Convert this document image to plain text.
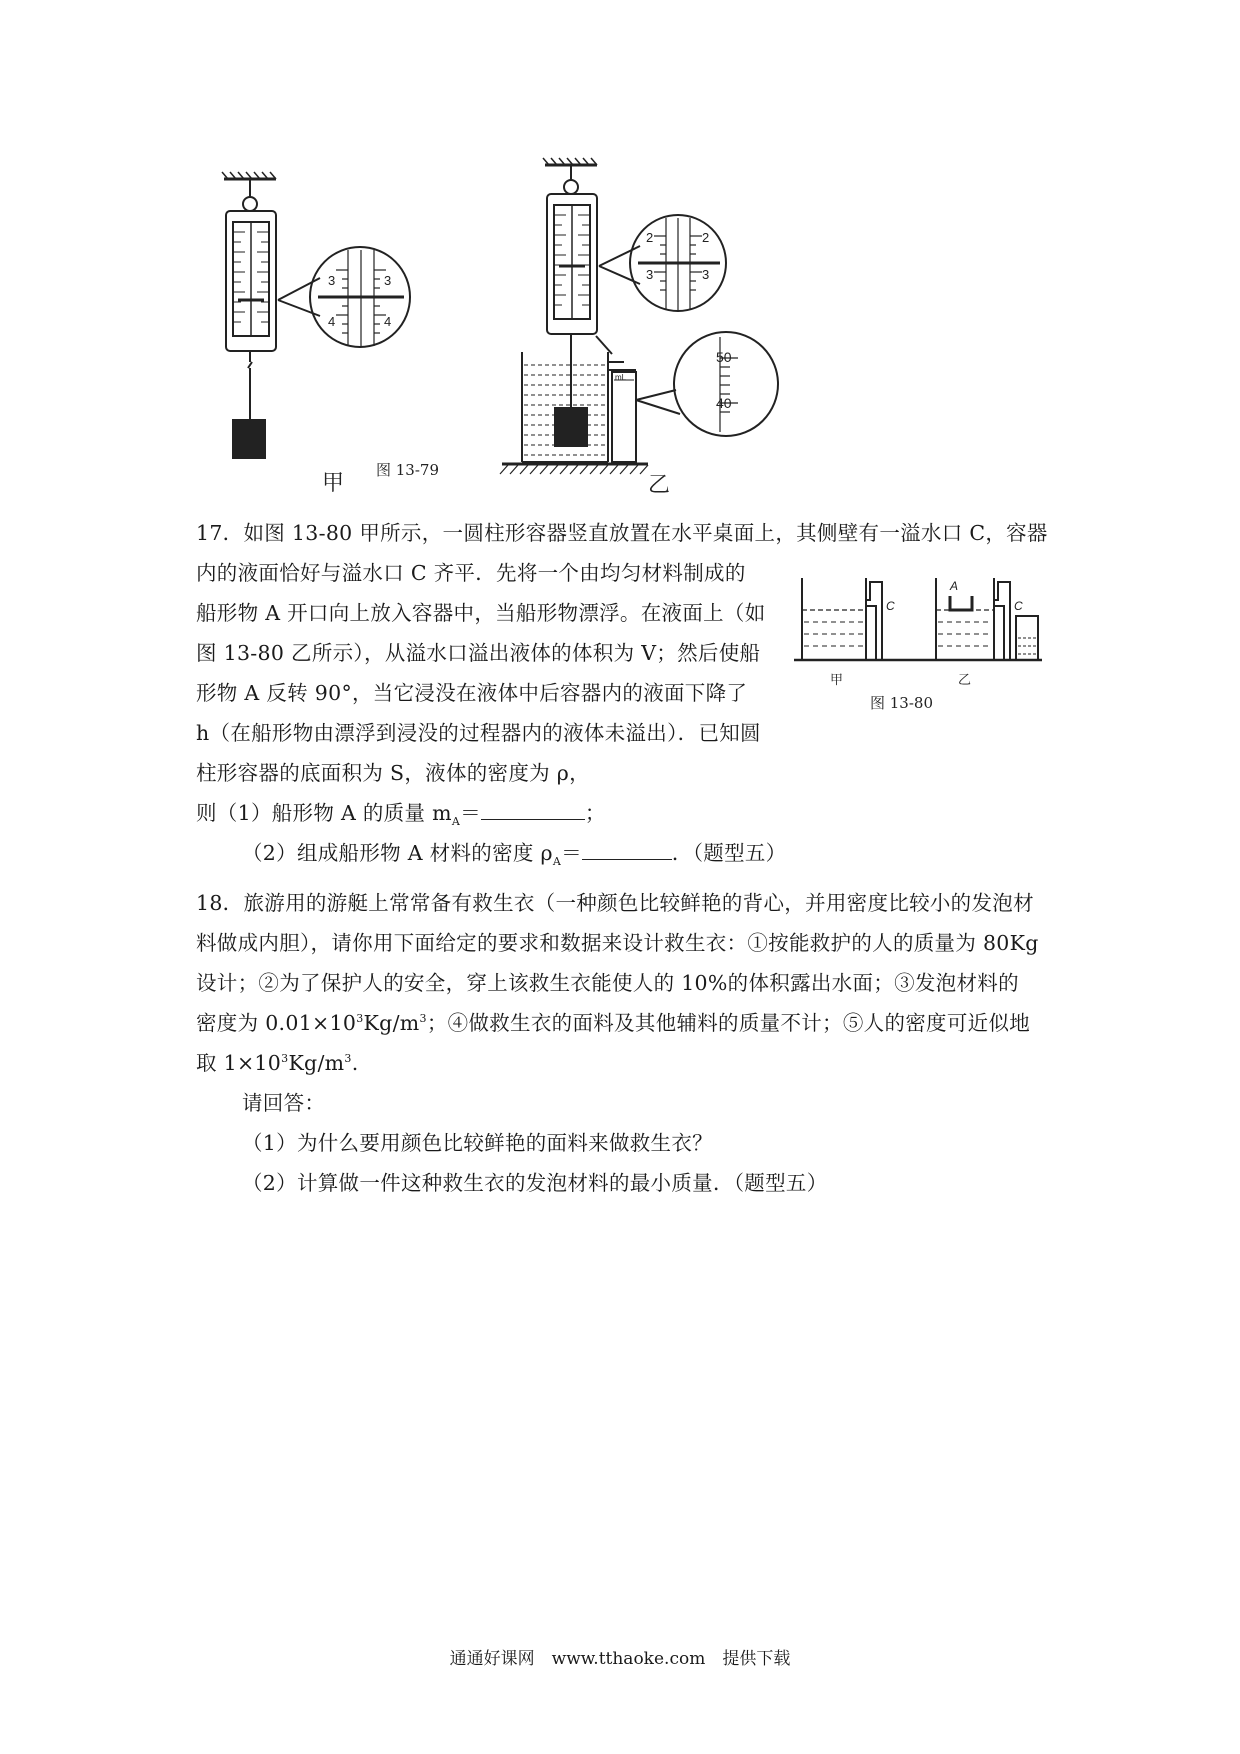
3	3
4	4
2	2
3	3
50
40
mL
图 13-79
甲	乙
17．如图 13-80 甲所示，一圆柱形容器竖直放置在水平桌面上，其侧壁有一溢水口 C，容器
内的液面恰好与溢水口 C 齐平．先将一个由均匀材料制成的
船形物 A 开口向上放入容器中，当船形物漂浮。在液面上（如
图 13-80 乙所示），从溢水口溢出液体的体积为 V；然后使船
形物 A 反转 90°，当它浸没在液体中后容器内的液面下降了
h（在船形物由漂浮到浸没的过程器内的液体未溢出）．已知圆
柱形容器的底面积为 S，液体的密度为 ρ，
则（1）船形物 A 的质量 $m_A=$	；
（2）组成船形物 A 材料的密度 $\rho_A=$	．（题型五）
C	C
A
甲	乙
图 13-80
18．旅游用的游艇上常常备有救生衣（一种颜色比较鲜艳的背心，并用密度比较小的发泡材
料做成内胆），请你用下面给定的要求和数据来设计救生衣：①按能救护的人的质量为 80Kg
设计；②为了保护人的安全，穿上该救生衣能使人的 10%的体积露出水面；③发泡材料的
密度为 $0.01\times 10^3Kg/m^3$；④做救生衣的面料及其他辅料的质量不计；⑤人的密度可近似地
取 $1\times 10^3Kg/m^3$.
请回答：
（1）为什么要用颜色比较鲜艳的面料来做救生衣？
（2）计算做一件这种救生衣的发泡材料的最小质量．（题型五）
通通好课网　www.tthaoke.com　提供下载
